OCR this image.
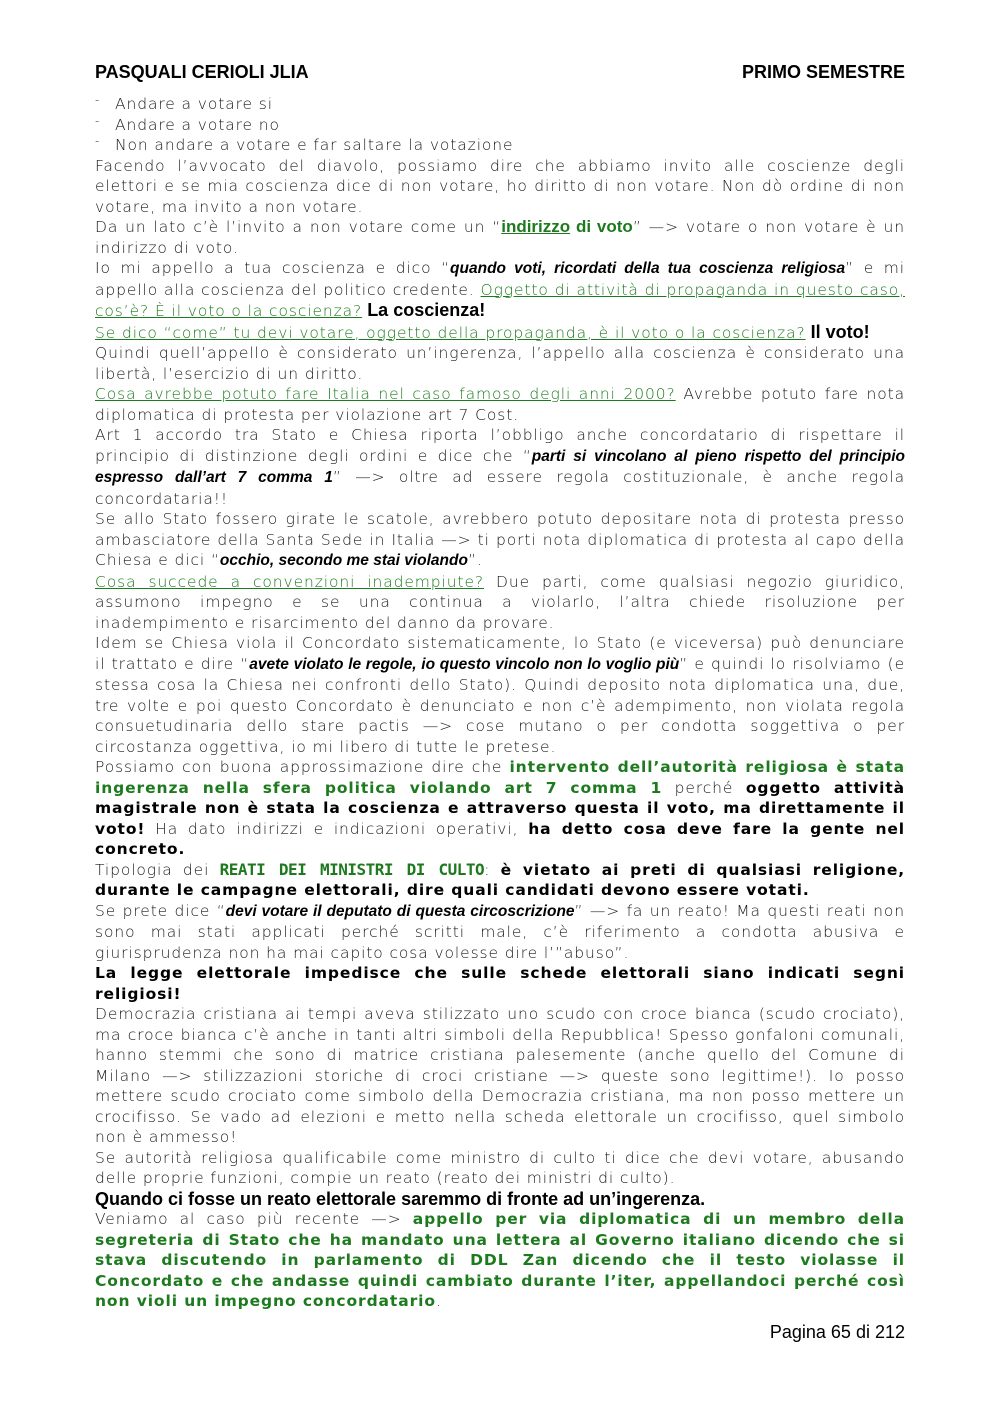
PASQUALI CERIOLI JLIA	PRIMO SEMESTRE
- Andare a votare si
- Andare a votare no
- Non andare a votare e far saltare la votazione

Facendo l’avvocato del diavolo, possiamo dire che abbiamo invito alle coscienze degli elettori e se mia coscienza dice di non votare, ho diritto di non votare. Non dò ordine di non votare, ma invito a non votare.

Da un lato c’è l’invito a non votare come un “indirizzo di voto” —> votare o non votare è un indirizzo di voto.

Io mi appello a tua coscienza e dico “quando voti, ricordati della tua coscienza religiosa” e mi appello alla coscienza del politico credente. Oggetto di attività di propaganda in questo caso, cos’è? È il voto o la coscienza? La coscienza!

Se dico “come” tu devi votare, oggetto della propaganda, è il voto o la coscienza? Il voto!

Quindi quell’appello è considerato un’ingerenza, l’appello alla coscienza è considerato una libertà, l’esercizio di un diritto.

Cosa avrebbe potuto fare Italia nel caso famoso degli anni 2000? Avrebbe potuto fare nota diplomatica di protesta per violazione art 7 Cost.

Art 1 accordo tra Stato e Chiesa riporta l’obbligo anche concordatario di rispettare il principio di distinzione degli ordini e dice che “parti si vincolano al pieno rispetto del principio espresso dall’art 7 comma 1” —> oltre ad essere regola costituzionale, è anche regola concordataria!!

Se allo Stato fossero girate le scatole, avrebbero potuto depositare nota di protesta presso ambasciatore della Santa Sede in Italia —> ti porti nota diplomatica di protesta al capo della Chiesa e dici “occhio, secondo me stai violando”.

Cosa succede a convenzioni inadempiute? Due parti, come qualsiasi negozio giuridico, assumono impegno e se una continua a violarlo, l’altra chiede risoluzione per inadempimento e risarcimento del danno da provare.

Idem se Chiesa viola il Concordato sistematicamente, lo Stato (e viceversa) può denunciare il trattato e dire “avete violato le regole, io questo vincolo non lo voglio più” e quindi lo risolviamo (e stessa cosa la Chiesa nei confronti dello Stato). Quindi deposito nota diplomatica una, due, tre volte e poi questo Concordato è denunciato e non c’è adempimento, non violata regola consuetudinaria dello stare pactis —> cose mutano o per condotta soggettiva o per circostanza oggettiva, io mi libero di tutte le pretese.

Possiamo con buona approssimazione dire che intervento dell’autorità religiosa è stata ingerenza nella sfera politica violando art 7 comma 1 perché oggetto attività magistrale non è stata la coscienza e attraverso questa il voto, ma direttamente il voto! Ha dato indirizzi e indicazioni operativi, ha detto cosa deve fare la gente nel concreto.

Tipologia dei REATI DEI MINISTRI DI CULTO: è vietato ai preti di qualsiasi religione, durante le campagne elettorali, dire quali candidati devono essere votati.

Se prete dice “devi votare il deputato di questa circoscrizione” —> fa un reato! Ma questi reati non sono mai stati applicati perché scritti male, c’è riferimento a condotta abusiva e giurisprudenza non ha mai capito cosa volesse dire l’”abuso”.

La legge elettorale impedisce che sulle schede elettorali siano indicati segni religiosi!

Democrazia cristiana ai tempi aveva stilizzato uno scudo con croce bianca (scudo crociato), ma croce bianca c’è anche in tanti altri simboli della Repubblica! Spesso gonfaloni comunali, hanno stemmi che sono di matrice cristiana palesemente (anche quello del Comune di Milano —> stilizzazioni storiche di croci cristiane —> queste sono legittime!). Io posso mettere scudo crociato come simbolo della Democrazia cristiana, ma non posso mettere un crocifisso. Se vado ad elezioni e metto nella scheda elettorale un crocifisso, quel simbolo non è ammesso!

Se autorità religiosa qualificabile come ministro di culto ti dice che devi votare, abusando delle proprie funzioni, compie un reato (reato dei ministri di culto).

Quando ci fosse un reato elettorale saremmo di fronte ad un’ingerenza.

Veniamo al caso più recente —> appello per via diplomatica di un membro della segreteria di Stato che ha mandato una lettera al Governo italiano dicendo che si stava discutendo in parlamento di DDL Zan dicendo che il testo violasse il Concordato e che andasse quindi cambiato durante l’iter, appellandoci perché così non violi un impegno concordatario.

Pagina 65 di 212
